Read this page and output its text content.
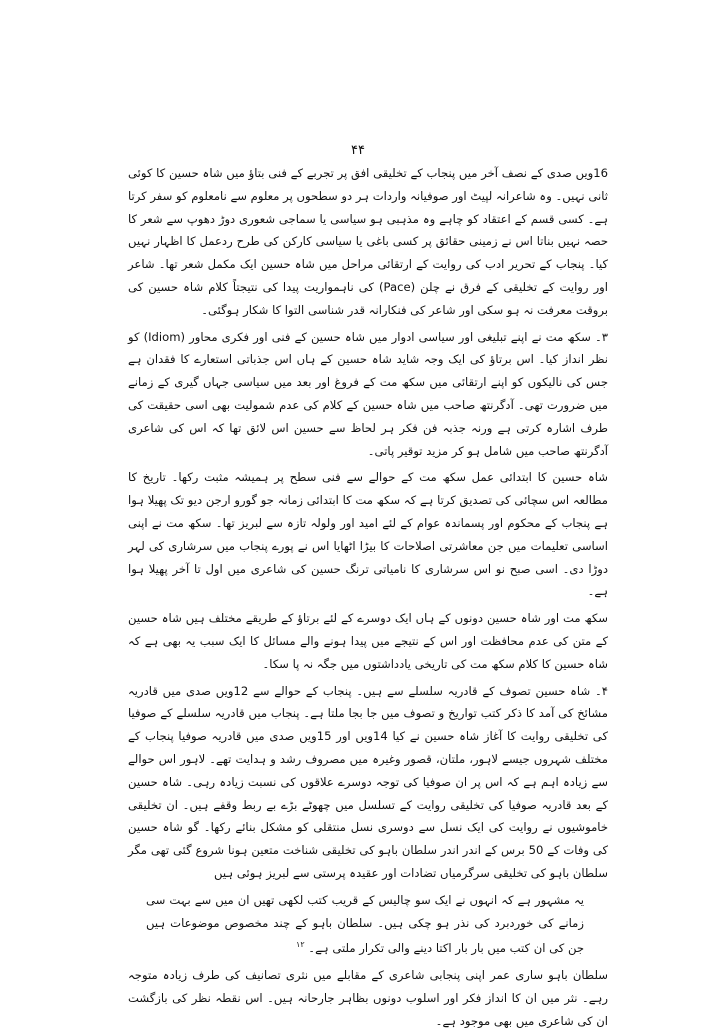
۴۴

16ویں صدی کے نصف آخر میں پنجاب کے تخلیقی افق پر تجربے کے فنی بتاؤ میں شاہ حسین کا کوئی ثانی نہیں۔ وہ شاعرانہ لپیٹ اور صوفیانہ واردات ہر دو سطحوں پر معلوم سے نامعلوم کو سفر کرتا ہے۔ کسی قسم کے اعتقاد کو چاہے وہ مذہبی ہو سیاسی یا سماجی شعوری دوڑ دھوپ سے شعر کا حصہ نہیں بناتا اس نے زمینی حقائق پر کسی باغی یا سیاسی کارکن کی طرح ردعمل کا اظہار نہیں کیا۔ پنجاب کے تحریر ادب کی روایت کے ارتقائی مراحل میں شاہ حسین ایک مکمل شعر تھا۔ شاعر اور روایت کے تخلیقی کے فرق نے چلن (Pace) کی ناہمواریت پیدا کی نتیجتاً کلام شاہ حسین کی بروقت معرفت نہ ہو سکی اور شاعر کی فنکارانہ قدر شناسی التوا کا شکار ہوگئی۔

۳۔ سکھ مت نے اپنے تبلیغی اور سیاسی ادوار میں شاہ حسین کے فنی اور فکری محاور (Idiom) کو نظر انداز کیا۔ اس برتاؤ کی ایک وجہ شاید شاہ حسین کے ہاں اس جذباتی استعارے کا فقدان ہے جس کی نالیکوں کو اپنے ارتقائی میں سکھ مت کے فروغ اور بعد میں سیاسی جہاں گیری کے زمانے میں ضرورت تھی۔ آدگرنتھ صاحب میں شاہ حسین کے کلام کی عدم شمولیت بھی اسی حقیقت کی طرف اشارہ کرتی ہے ورنہ جذبہ فن فکر ہر لحاظ سے حسین اس لائق تھا کہ اس کی شاعری آدگرنتھ صاحب میں شامل ہو کر مزید توقیر پاتی۔

شاہ حسین کا ابتدائی عمل سکھ مت کے حوالے سے فنی سطح پر ہمیشہ مثبت رکھا۔ تاریخ کا مطالعہ اس سچائی کی تصدیق کرتا ہے کہ سکھ مت کا ابتدائی زمانہ جو گورو ارجن دیو تک پھیلا ہوا ہے پنجاب کے محکوم اور پسماندہ عوام کے لئے امید اور ولولہ تازہ سے لبریز تھا۔ سکھ مت نے اپنی اساسی تعلیمات میں جن معاشرتی اصلاحات کا بیڑا اٹھایا اس نے پورے پنجاب میں سرشاری کی لہر دوڑا دی۔ اسی صبح نو اس سرشاری کا نامیاتی ترنگ حسین کی شاعری میں اول تا آخر پھیلا ہوا ہے۔

سکھ مت اور شاہ حسین دونوں کے ہاں ایک دوسرے کے لئے برتاؤ کے طریقے مختلف ہیں شاہ حسین کے متن کی عدم محافظت اور اس کے نتیجے میں پیدا ہونے والے مسائل کا ایک سبب یہ بھی ہے کہ شاہ حسین کا کلام سکھ مت کی تاریخی یادداشتوں میں جگہ نہ پا سکا۔

۴۔ شاہ حسین تصوف کے قادریہ سلسلے سے ہیں۔ پنجاب کے حوالے سے 12ویں صدی میں قادریہ مشائخ کی آمد کا ذکر کتب تواریخ و تصوف میں جا بجا ملتا ہے۔ پنجاب میں قادریہ سلسلے کے صوفیا کی تخلیقی روایت کا آغاز شاہ حسین نے کیا 14ویں اور 15ویں صدی میں قادریہ صوفیا پنجاب کے مختلف شہروں جیسے لاہور، ملتان، قصور وغیرہ میں مصروف رشد و ہدایت تھے۔ لاہور اس حوالے سے زیادہ اہم ہے کہ اس پر ان صوفیا کی توجہ دوسرے علاقوں کی نسبت زیادہ رہی۔ شاہ حسین کے بعد قادریہ صوفیا کی تخلیقی روایت کے تسلسل میں چھوٹے بڑے بے ربط وقفے ہیں۔ ان تخلیقی خاموشیوں نے روایت کی ایک نسل سے دوسری نسل منتقلی کو مشکل بنائے رکھا۔ گو شاہ حسین کی وفات کے 50 برس کے اندر اندر سلطان باہو کی تخلیقی شناخت متعین ہونا شروع گئی تھی مگر سلطان باہو کی تخلیقی سرگرمیاں تضادات اور عقیدہ پرستی سے لبریز ہوئی ہیں

یہ مشہور ہے کہ انہوں نے ایک سو چالیس کے قریب کتب لکھی تھیں ان میں سے بہت سی زمانے کی خوردبرد کی نذر ہو چکی ہیں۔ سلطان باہو کے چند مخصوص موضوعات ہیں جن کی ان کتب میں بار بار اکتا دینے والی تکرار ملتی ہے۔ $^{۱۲}$

سلطان باہو ساری عمر اپنی پنجابی شاعری کے مقابلے میں نثری تصانیف کی طرف زیادہ متوجہ رہے۔ نثر میں ان کا انداز فکر اور اسلوب دونوں بظاہر جارحانہ ہیں۔ اس نقطہ نظر کی بازگشت ان کی شاعری میں بھی موجود ہے۔
